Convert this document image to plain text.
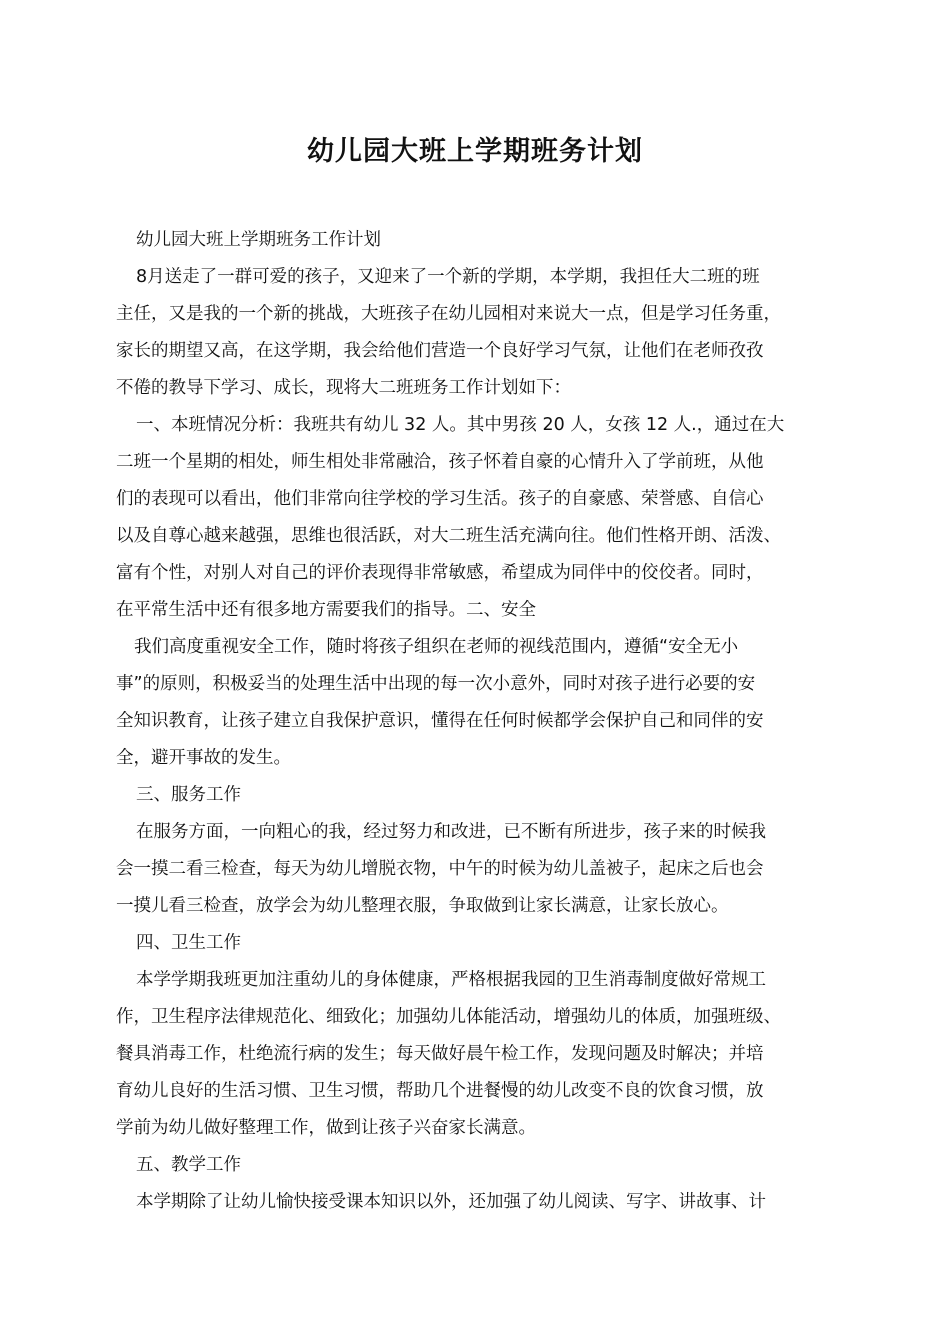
幼儿园大班上学期班务计划
幼儿园大班上学期班务工作计划
8月送走了一群可爱的孩子，又迎来了一个新的学期，本学期，我担任大二班的班
主任，又是我的一个新的挑战，大班孩子在幼儿园相对来说大一点，但是学习任务重，
家长的期望又高，在这学期，我会给他们营造一个良好学习气氛，让他们在老师孜孜
不倦的教导下学习、成长，现将大二班班务工作计划如下：
一、本班情况分析：我班共有幼儿 32 人。其中男孩 20 人，女孩 12 人.，通过在大
二班一个星期的相处，师生相处非常融洽，孩子怀着自豪的心情升入了学前班，从他
们的表现可以看出，他们非常向往学校的学习生活。孩子的自豪感、荣誉感、自信心
以及自尊心越来越强，思维也很活跃，对大二班生活充满向往。他们性格开朗、活泼、
富有个性，对别人对自己的评价表现得非常敏感，希望成为同伴中的佼佼者。同时，
在平常生活中还有很多地方需要我们的指导。二、安全
我们高度重视安全工作，随时将孩子组织在老师的视线范围内，遵循“安全无小
事”的原则，积极妥当的处理生活中出现的每一次小意外，同时对孩子进行必要的安
全知识教育，让孩子建立自我保护意识，懂得在任何时候都学会保护自己和同伴的安
全，避开事故的发生。
三、服务工作
在服务方面，一向粗心的我，经过努力和改进，已不断有所进步，孩子来的时候我
会一摸二看三检查，每天为幼儿增脱衣物，中午的时候为幼儿盖被子，起床之后也会
一摸儿看三检查，放学会为幼儿整理衣服，争取做到让家长满意，让家长放心。
四、卫生工作
本学学期我班更加注重幼儿的身体健康，严格根据我园的卫生消毒制度做好常规工
作，卫生程序法律规范化、细致化；加强幼儿体能活动，增强幼儿的体质，加强班级、
餐具消毒工作，杜绝流行病的发生；每天做好晨午检工作，发现问题及时解决；并培
育幼儿良好的生活习惯、卫生习惯，帮助几个进餐慢的幼儿改变不良的饮食习惯，放
学前为幼儿做好整理工作，做到让孩子兴奋家长满意。
五、教学工作
本学期除了让幼儿愉快接受课本知识以外，还加强了幼儿阅读、写字、讲故事、计
